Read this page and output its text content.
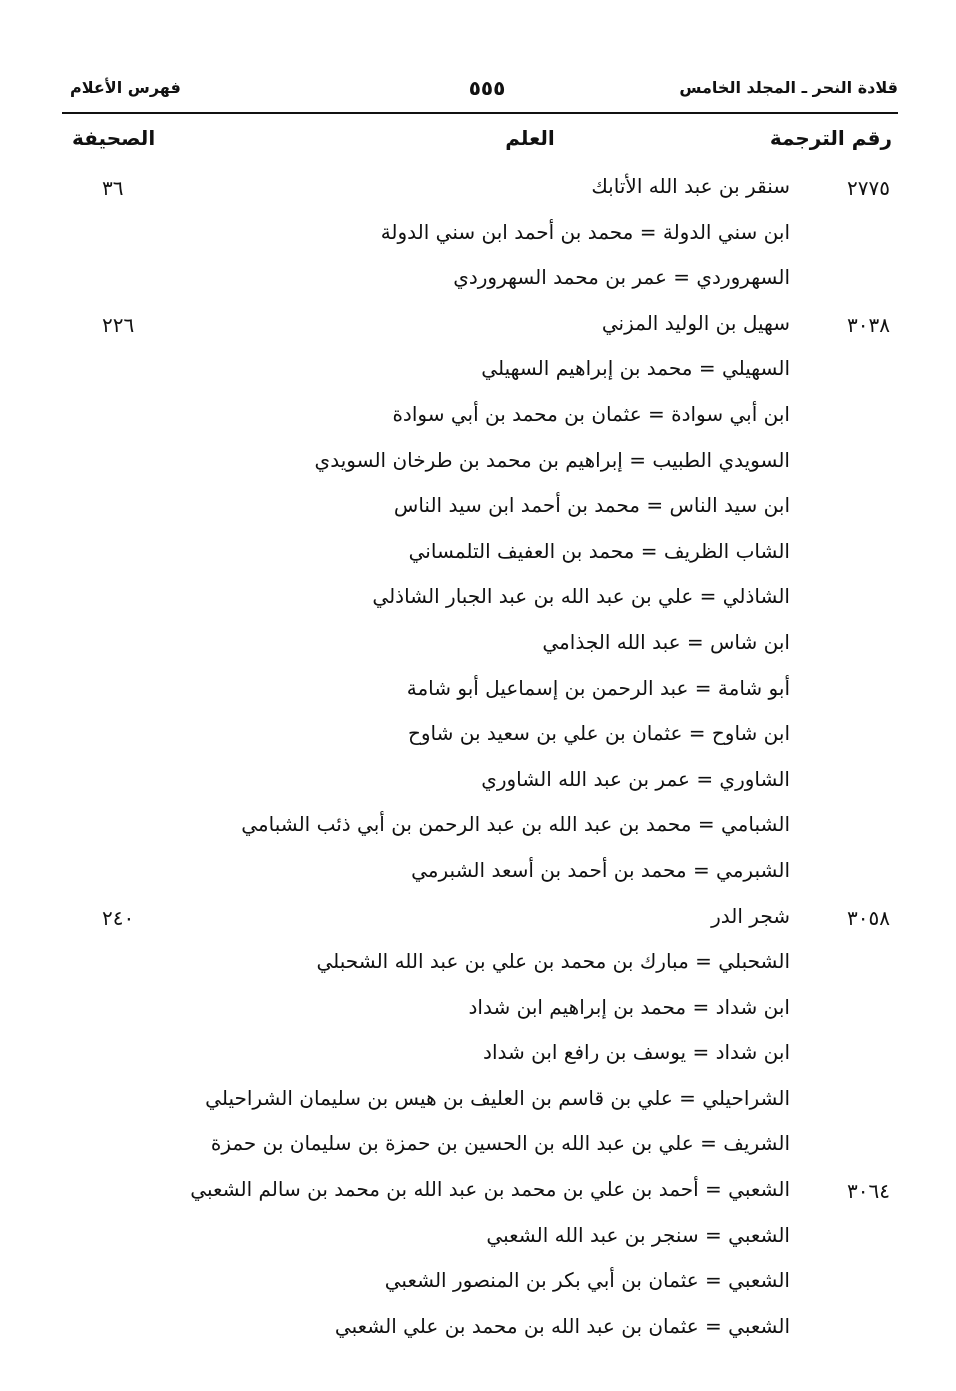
قلادة النحر ـ المجلد الخامس
٥٥٥
فهرس الأعلام
رقم الترجمة
العلم
الصحيفة
٢٧٧٥
سنقر بن عبد الله الأتابك
٣٦
ابن سني الدولة = محمد بن أحمد ابن سني الدولة
السهروردي = عمر بن محمد السهروردي
٣٠٣٨
سهيل بن الوليد المزني
٢٢٦
السهيلي = محمد بن إبراهيم السهيلي
ابن أبي سوادة = عثمان بن محمد بن أبي سوادة
السويدي الطبيب = إبراهيم بن محمد بن طرخان السويدي
ابن سيد الناس = محمد بن أحمد ابن سيد الناس
الشاب الظريف = محمد بن العفيف التلمساني
الشاذلي = علي بن عبد الله بن عبد الجبار الشاذلي
ابن شاس = عبد الله الجذامي
أبو شامة = عبد الرحمن بن إسماعيل أبو شامة
ابن شاوح = عثمان بن علي بن سعيد بن شاوح
الشاوري = عمر بن عبد الله الشاوري
الشبامي = محمد بن عبد الله بن عبد الرحمن بن أبي ذئب الشبامي
الشبرمي = محمد بن أحمد بن أسعد الشبرمي
٣٠٥٨
شجر الدر
٢٤٠
الشحبلي = مبارك بن محمد بن علي بن عبد الله الشحبلي
ابن شداد = محمد بن إبراهيم ابن شداد
ابن شداد = يوسف بن رافع ابن شداد
الشراحيلي = علي بن قاسم بن العليف بن هيس بن سليمان الشراحيلي
الشريف = علي بن عبد الله بن الحسين بن حمزة بن سليمان بن حمزة
٣٠٦٤
الشعبي = أحمد بن علي بن محمد بن عبد الله بن محمد بن سالم الشعبي
الشعبي = سنجر بن عبد الله الشعبي
الشعبي = عثمان بن أبي بكر بن المنصور الشعبي
الشعبي = عثمان بن عبد الله بن محمد بن علي الشعبي
